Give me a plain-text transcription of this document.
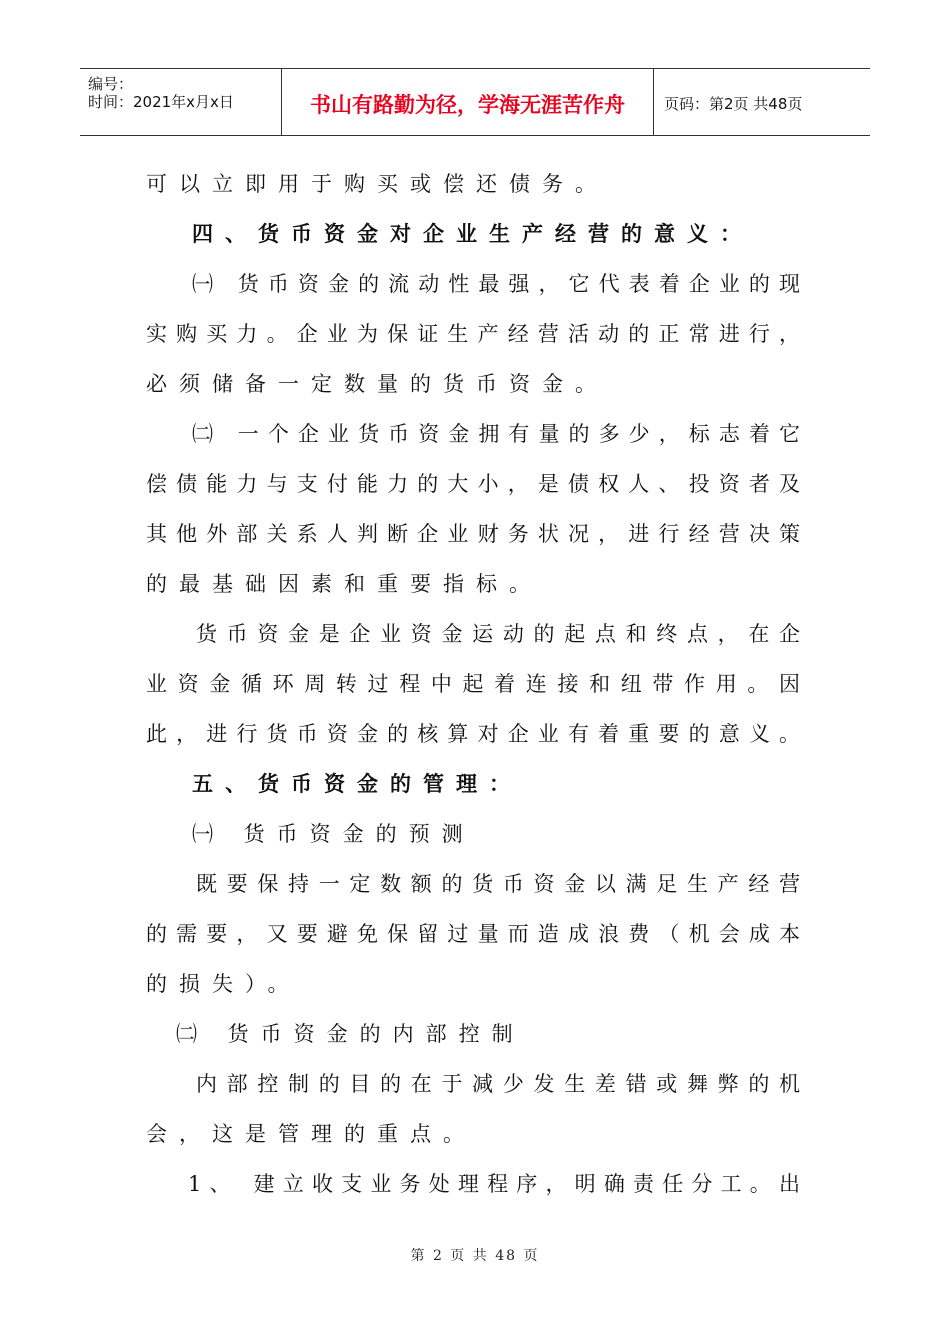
编号：
时间：2021年x月x日	书山有路勤为径，学海无涯苦作舟	页码：第2页 共48页
可以立即用于购买或偿还债务。
四、货币资金对企业生产经营的意义：
㈠ 货币资金的流动性最强，它代表着企业的现
实购买力。企业为保证生产经营活动的正常进行，
必须储备一定数量的货币资金。
㈡ 一个企业货币资金拥有量的多少，标志着它
偿债能力与支付能力的大小，是债权人、投资者及
其他外部关系人判断企业财务状况，进行经营决策
的最基础因素和重要指标。
货币资金是企业资金运动的起点和终点，在企
业资金循环周转过程中起着连接和纽带作用。因
此，进行货币资金的核算对企业有着重要的意义。
五、货币资金的管理：
㈠ 货币资金的预测
既要保持一定数额的货币资金以满足生产经营
的需要，又要避免保留过量而造成浪费（机会成本
的损失）。
㈡ 货币资金的内部控制
内部控制的目的在于减少发生差错或舞弊的机
会，这是管理的重点。
1、 建立收支业务处理程序，明确责任分工。出
第 2 页 共 48 页
